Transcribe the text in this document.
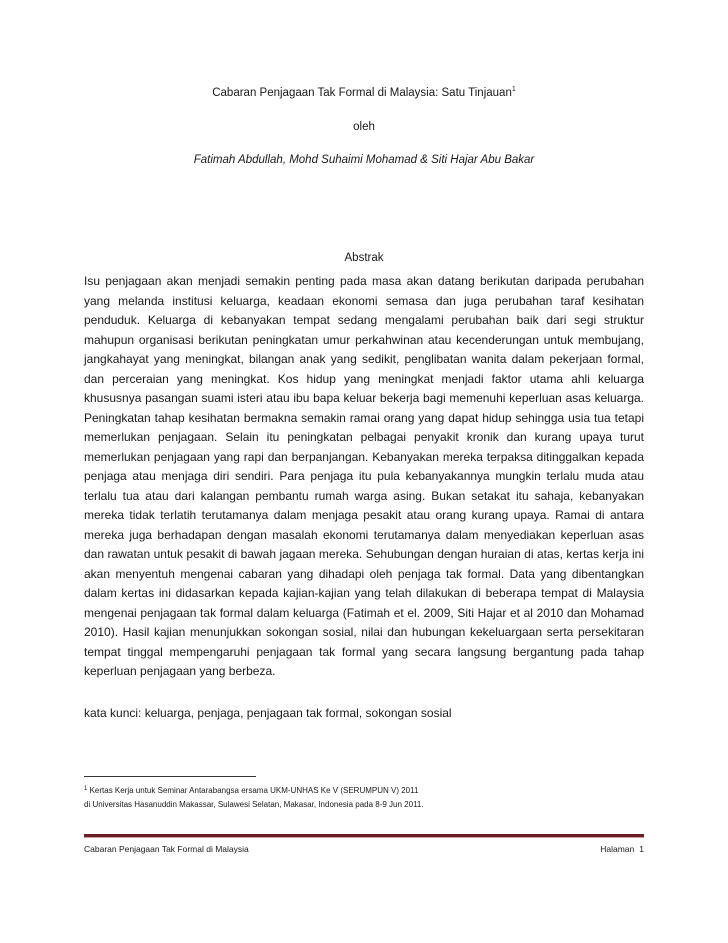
Cabaran Penjagaan Tak Formal di Malaysia: Satu Tinjauan$^1$
oleh
Fatimah Abdullah, Mohd Suhaimi Mohamad & Siti Hajar Abu Bakar
Abstrak

Isu penjagaan akan menjadi semakin penting pada masa akan datang berikutan daripada perubahan yang melanda institusi keluarga, keadaan ekonomi semasa dan juga perubahan taraf kesihatan penduduk. Keluarga di kebanyakan tempat sedang mengalami perubahan baik dari segi struktur mahupun organisasi berikutan peningkatan umur perkahwinan atau kecenderungan untuk membujang, jangkahayat yang meningkat, bilangan anak yang sedikit, penglibatan wanita dalam pekerjaan formal, dan perceraian yang meningkat. Kos hidup yang meningkat menjadi faktor utama ahli keluarga khususnya pasangan suami isteri atau ibu bapa keluar bekerja bagi memenuhi keperluan asas keluarga. Peningkatan tahap kesihatan bermakna semakin ramai orang yang dapat hidup sehingga usia tua tetapi memerlukan penjagaan. Selain itu peningkatan pelbagai penyakit kronik dan kurang upaya turut memerlukan penjagaan yang rapi dan berpanjangan. Kebanyakan mereka terpaksa ditinggalkan kepada penjaga atau menjaga diri sendiri. Para penjaga itu pula kebanyakannya mungkin terlalu muda atau terlalu tua atau dari kalangan pembantu rumah warga asing. Bukan setakat itu sahaja, kebanyakan mereka tidak terlatih terutamanya dalam menjaga pesakit atau orang kurang upaya. Ramai di antara mereka juga berhadapan dengan masalah ekonomi terutamanya dalam menyediakan keperluan asas dan rawatan untuk pesakit di bawah jagaan mereka. Sehubungan dengan huraian di atas, kertas kerja ini akan menyentuh mengenai cabaran yang dihadapi oleh penjaga tak formal. Data yang dibentangkan dalam kertas ini didasarkan kepada kajian-kajian yang telah dilakukan di beberapa tempat di Malaysia mengenai penjagaan tak formal dalam keluarga (Fatimah et el. 2009, Siti Hajar et al 2010 dan Mohamad 2010). Hasil kajian menunjukkan sokongan sosial, nilai dan hubungan kekeluargaan serta persekitaran tempat tinggal mempengaruhi penjagaan tak formal yang secara langsung bergantung pada tahap keperluan penjagaan yang berbeza.

kata kunci: keluarga, penjaga, penjagaan tak formal, sokongan sosial

$^1$ Kertas Kerja untuk Seminar Antarabangsa ersama UKM-UNHAS Ke V (SERUMPUN V) 2011
di Universitas Hasanuddin Makassar, Sulawesi Selatan, Makasar, Indonesia pada 8-9 Jun 2011.
Cabaran Penjagaan Tak Formal di Malaysia	Halaman 1
